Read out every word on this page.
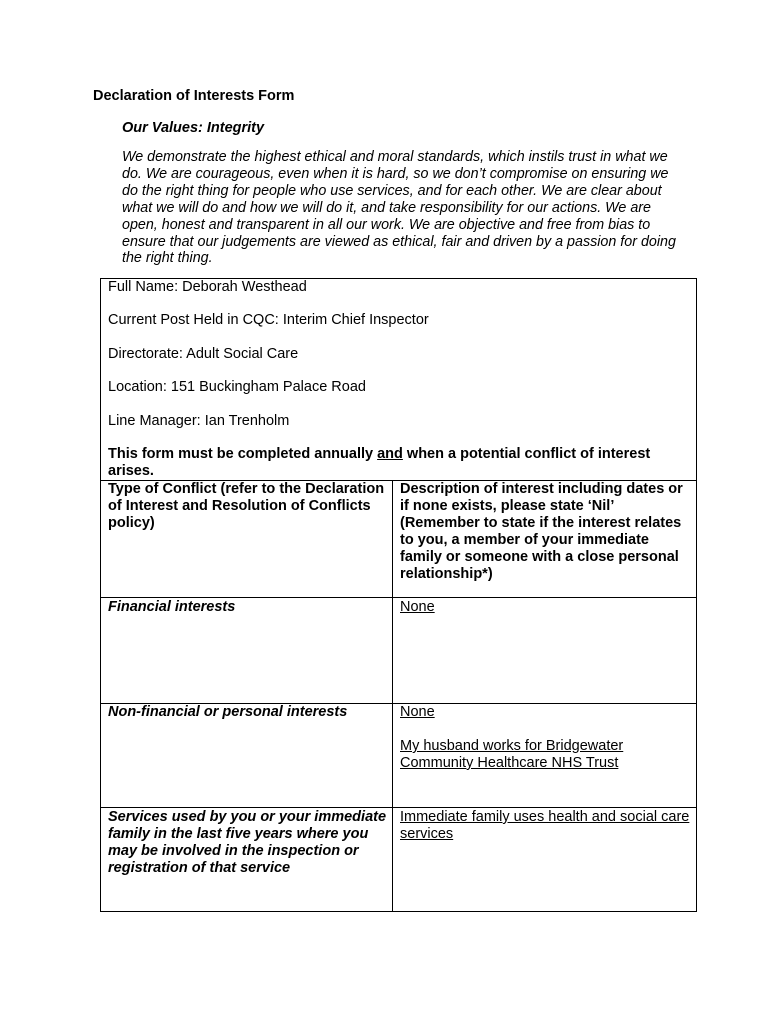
Declaration of Interests Form
Our Values: Integrity
We demonstrate the highest ethical and moral standards, which instils trust in what we do. We are courageous, even when it is hard, so we don’t compromise on ensuring we do the right thing for people who use services, and for each other. We are clear about what we will do and how we will do it, and take responsibility for our actions. We are open, honest and transparent in all our work. We are objective and free from bias to ensure that our judgements are viewed as ethical, fair and driven by a passion for doing the right thing.
Full Name: Deborah Westhead
Current Post Held in CQC: Interim Chief Inspector
Directorate: Adult Social Care
Location: 151 Buckingham Palace Road
Line Manager: Ian Trenholm
This form must be completed annually and when a potential conflict of interest arises.
Type of Conflict (refer to the Declaration of Interest and Resolution of Conflicts policy)
Description of interest including dates or if none exists, please state ‘Nil’ (Remember to state if the interest relates to you, a member of your immediate family or someone with a close personal relationship*)
Financial interests	None
Non-financial or personal interests	None
My husband works for Bridgewater Community Healthcare NHS Trust
Services used by you or your immediate family in the last five years where you may be involved in the inspection or registration of that service
Immediate family uses health and social care services
